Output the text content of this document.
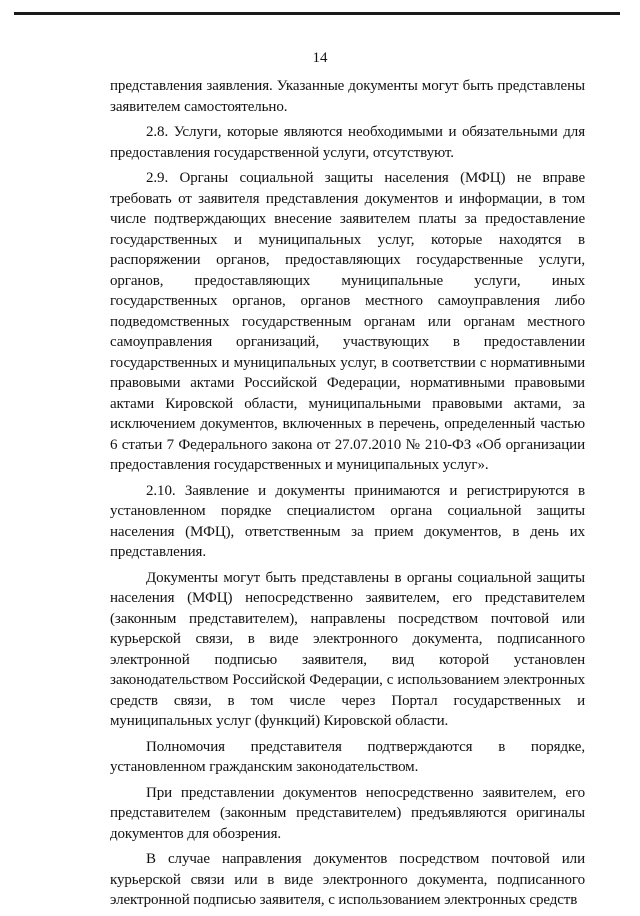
14

представления заявления. Указанные документы могут быть представлены заявителем самостоятельно.

2.8. Услуги, которые являются необходимыми и обязательными для предоставления государственной услуги, отсутствуют.

2.9. Органы социальной защиты населения (МФЦ) не вправе требовать от заявителя представления документов и информации, в том числе подтверждающих внесение заявителем платы за предоставление государственных и муниципальных услуг, которые находятся в распоряжении органов, предоставляющих государственные услуги, органов, предоставляющих муниципальные услуги, иных государственных органов, органов местного самоуправления либо подведомственных государственным органам или органам местного самоуправления организаций, участвующих в предоставлении государственных и муниципальных услуг, в соответствии с нормативными правовыми актами Российской Федерации, нормативными правовыми актами Кировской области, муниципальными правовыми актами, за исключением документов, включенных в перечень, определенный частью 6 статьи 7 Федерального закона от 27.07.2010 № 210-ФЗ «Об организации предоставления государственных и муниципальных услуг».

2.10. Заявление и документы принимаются и регистрируются в установленном порядке специалистом органа социальной защиты населения (МФЦ), ответственным за прием документов, в день их представления.

Документы могут быть представлены в органы социальной защиты населения (МФЦ) непосредственно заявителем, его представителем (законным представителем), направлены посредством почтовой или курьерской связи, в виде электронного документа, подписанного электронной подписью заявителя, вид которой установлен законодательством Российской Федерации, с использованием электронных средств связи, в том числе через Портал государственных и муниципальных услуг (функций) Кировской области.

Полномочия представителя подтверждаются в порядке, установленном гражданским законодательством.

При представлении документов непосредственно заявителем, его представителем (законным представителем) предъявляются оригиналы документов для обозрения.

В случае направления документов посредством почтовой или курьерской связи или в виде электронного документа, подписанного электронной подписью заявителя, с использованием электронных средств
